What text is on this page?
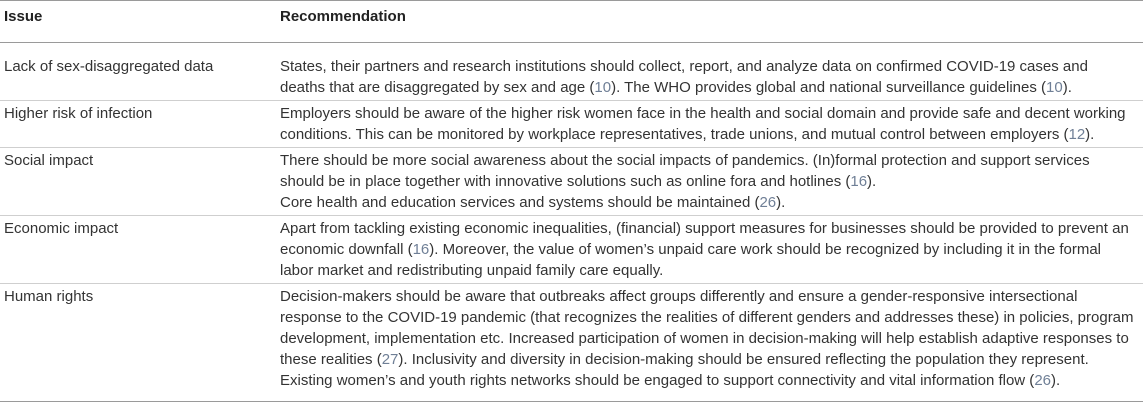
Issue	Recommendation
Lack of sex-disaggregated data	States, their partners and research institutions should collect, report, and analyze data on confirmed COVID-19 cases and
deaths that are disaggregated by sex and age (10). The WHO provides global and national surveillance guidelines (10).
Higher risk of infection	Employers should be aware of the higher risk women face in the health and social domain and provide safe and decent working
conditions. This can be monitored by workplace representatives, trade unions, and mutual control between employers (12).
Social impact	There should be more social awareness about the social impacts of pandemics. (In)formal protection and support services
should be in place together with innovative solutions such as online fora and hotlines (16).
Core health and education services and systems should be maintained (26).
Economic impact	Apart from tackling existing economic inequalities, (financial) support measures for businesses should be provided to prevent an
economic downfall (16). Moreover, the value of women’s unpaid care work should be recognized by including it in the formal
labor market and redistributing unpaid family care equally.
Human rights	Decision-makers should be aware that outbreaks affect groups differently and ensure a gender-responsive intersectional
response to the COVID-19 pandemic (that recognizes the realities of different genders and addresses these) in policies, program
development, implementation etc. Increased participation of women in decision-making will help establish adaptive responses to
these realities (27). Inclusivity and diversity in decision-making should be ensured reflecting the population they represent.
Existing women’s and youth rights networks should be engaged to support connectivity and vital information flow (26).
